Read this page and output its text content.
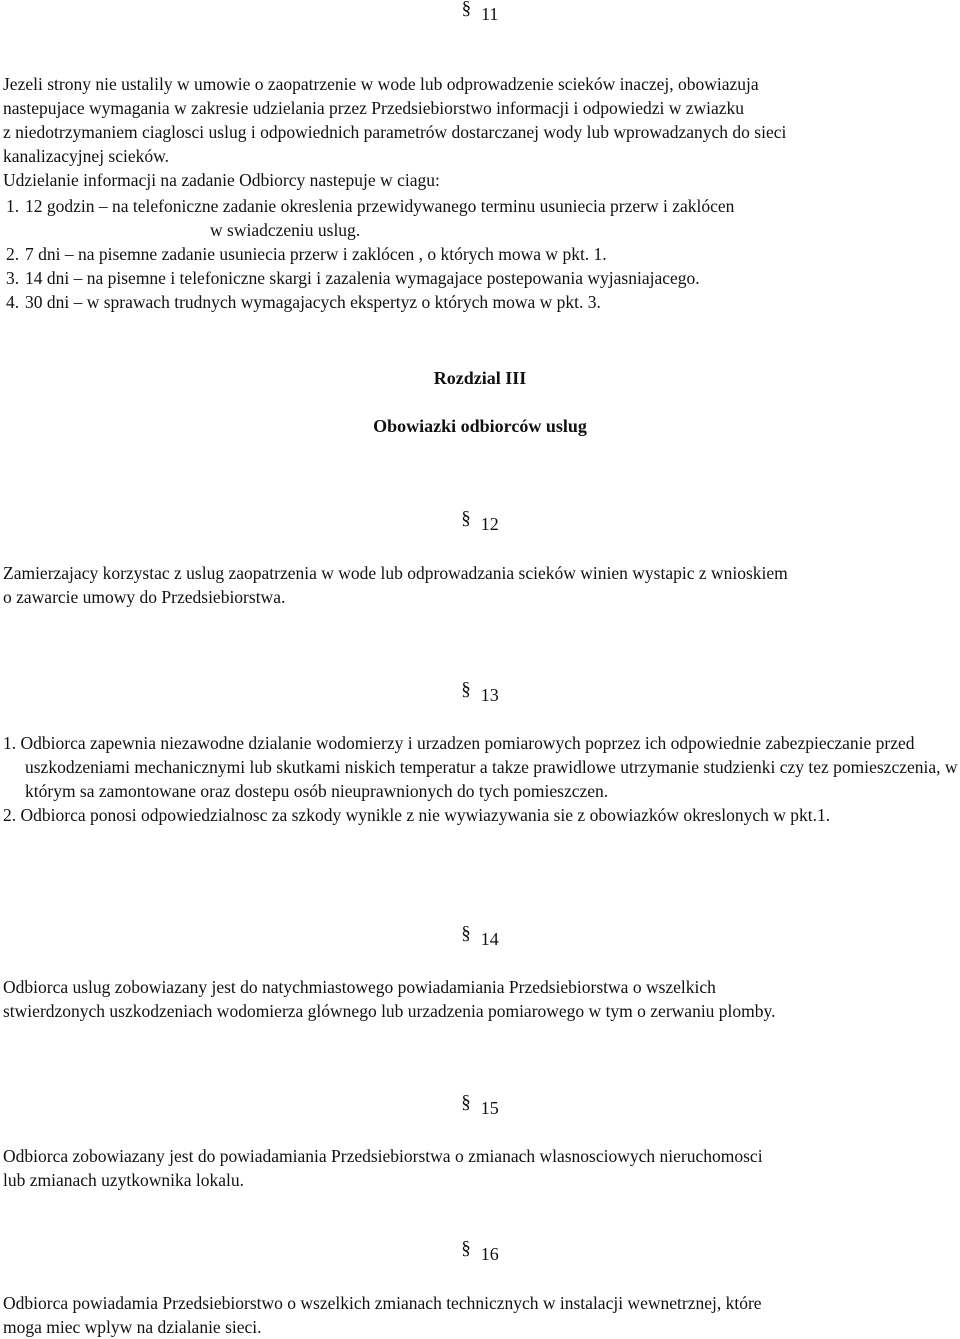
§ 11

Jezeli strony nie ustalily w umowie o zaopatrzenie w wode lub odprowadzenie scieków inaczej, obowiazuja

nastepujace wymagania w zakresie udzielania przez Przedsiebiorstwo informacji i odpowiedzi w zwiazku

z niedotrzymaniem ciaglosci uslug i odpowiednich parametrów dostarczanej wody lub wprowadzanych do sieci

kanalizacyjnej scieków.

Udzielanie informacji na zadanie Odbiorcy nastepuje w ciagu:

1. 12 godzin – na telefoniczne zadanie okreslenia przewidywanego terminu usuniecia przerw i zaklócen
w swiadczeniu uslug.
2. 7 dni – na pisemne zadanie usuniecia przerw i zaklócen , o których mowa w pkt. 1.
3. 14 dni – na pisemne i telefoniczne skargi i zazalenia wymagajace postepowania wyjasniajacego.
4. 30 dni – w sprawach trudnych wymagajacych ekspertyz o których mowa w pkt. 3.
Rozdzial III
Obowiazki odbiorców uslug
§ 12

Zamierzajacy korzystac z uslug zaopatrzenia w wode lub odprowadzania scieków winien wystapic z wnioskiem

o zawarcie umowy do Przedsiebiorstwa.

§ 13
1. Odbiorca zapewnia niezawodne dzialanie wodomierzy i urzadzen pomiarowych poprzez ich odpowiednie zabezpieczanie przed uszkodzeniami mechanicznymi lub skutkami niskich temperatur a takze prawidlowe utrzymanie studzienki czy tez pomieszczenia, w którym sa zamontowane oraz dostepu osób nieuprawnionych do tych pomieszczen.
2. Odbiorca ponosi odpowiedzialnosc za szkody wynikle z nie wywiazywania sie z obowiazków okreslonych w pkt.1.
§ 14

Odbiorca uslug zobowiazany jest do natychmiastowego powiadamiania Przedsiebiorstwa o wszelkich

stwierdzonych uszkodzeniach wodomierza glównego lub urzadzenia pomiarowego w tym o zerwaniu plomby.

§ 15

Odbiorca zobowiazany jest do powiadamiania Przedsiebiorstwa o zmianach wlasnosciowych nieruchomosci

lub zmianach uzytkownika lokalu.

§ 16

Odbiorca powiadamia Przedsiebiorstwo o wszelkich zmianach technicznych w instalacji wewnetrznej, które

moga miec wplyw na dzialanie sieci.
